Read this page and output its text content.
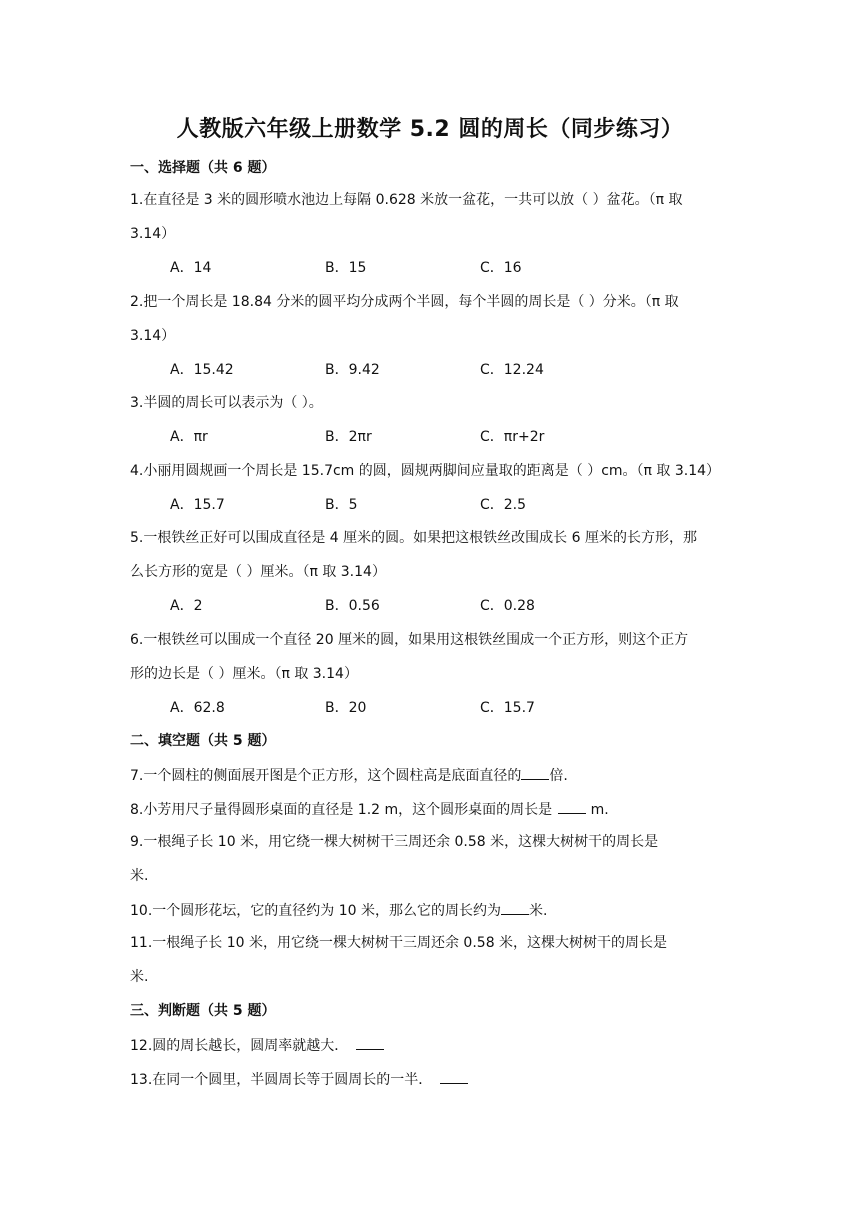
人教版六年级上册数学 5.2 圆的周长（同步练习）
一、选择题（共 6 题）
1.在直径是 3 米的圆形喷水池边上每隔 0.628 米放一盆花，一共可以放（ ）盆花。（π 取
3.14）
A．14	B．15	C．16
2.把一个周长是 18.84 分米的圆平均分成两个半圆，每个半圆的周长是（ ）分米。（π 取
3.14）
A．15.42	B．9.42	C．12.24
3.半圆的周长可以表示为（ ）。
A．πr	B．2πr	C．πr+2r
4.小丽用圆规画一个周长是 15.7cm 的圆，圆规两脚间应量取的距离是（ ）cm。（π 取 3.14）
A．15.7	B．5	C．2.5
5.一根铁丝正好可以围成直径是 4 厘米的圆。如果把这根铁丝改围成长 6 厘米的长方形，那
么长方形的宽是（ ）厘米。（π 取 3.14）
A．2	B．0.56	C．0.28
6.一根铁丝可以围成一个直径 20 厘米的圆，如果用这根铁丝围成一个正方形，则这个正方
形的边长是（ ）厘米。（π 取 3.14）
A．62.8	B．20	C．15.7
二、填空题（共 5 题）
7.一个圆柱的侧面展开图是个正方形，这个圆柱高是底面直径的 倍.
8.小芳用尺子量得圆形桌面的直径是 1.2 m，这个圆形桌面的周长是 m.
9.一根绳子长 10 米，用它绕一棵大树树干三周还余 0.58 米，这棵大树树干的周长是
米.
10.一个圆形花坛，它的直径约为 10 米，那么它的周长约为 米.
11.一根绳子长 10 米，用它绕一棵大树树干三周还余 0.58 米，这棵大树树干的周长是
米.
三、判断题（共 5 题）
12.圆的周长越长，圆周率就越大．
13.在同一个圆里，半圆周长等于圆周长的一半．
